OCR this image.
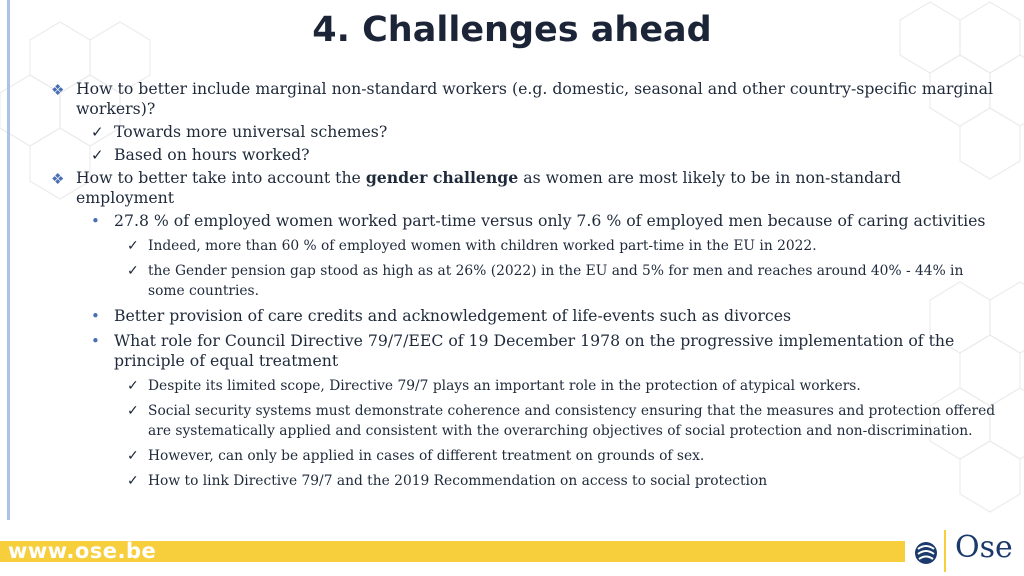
4. Challenges ahead
❖ How to better include marginal non-standard workers (e.g. domestic, seasonal and other country-specific marginal workers)?
✓ Towards more universal schemes?
✓ Based on hours worked?
❖ How to better take into account the gender challenge as women are most likely to be in non-standard employment
• 27.8 % of employed women worked part-time versus only 7.6 % of employed men because of caring activities
✓ Indeed, more than 60 % of employed women with children worked part-time in the EU in 2022.
✓ the Gender pension gap stood as high as at 26% (2022) in the EU and 5% for men and reaches around 40% - 44% in some countries.
• Better provision of care credits and acknowledgement of life-events such as divorces
• What role for Council Directive 79/7/EEC of 19 December 1978 on the progressive implementation of the principle of equal treatment
✓ Despite its limited scope, Directive 79/7 plays an important role in the protection of atypical workers.
✓ Social security systems must demonstrate coherence and consistency ensuring that the measures and protection offered are systematically applied and consistent with the overarching objectives of social protection and non-discrimination.
✓ However, can only be applied in cases of different treatment on grounds of sex.
✓ How to link Directive 79/7 and the 2019 Recommendation on access to social protection
www.ose.be	Ose
